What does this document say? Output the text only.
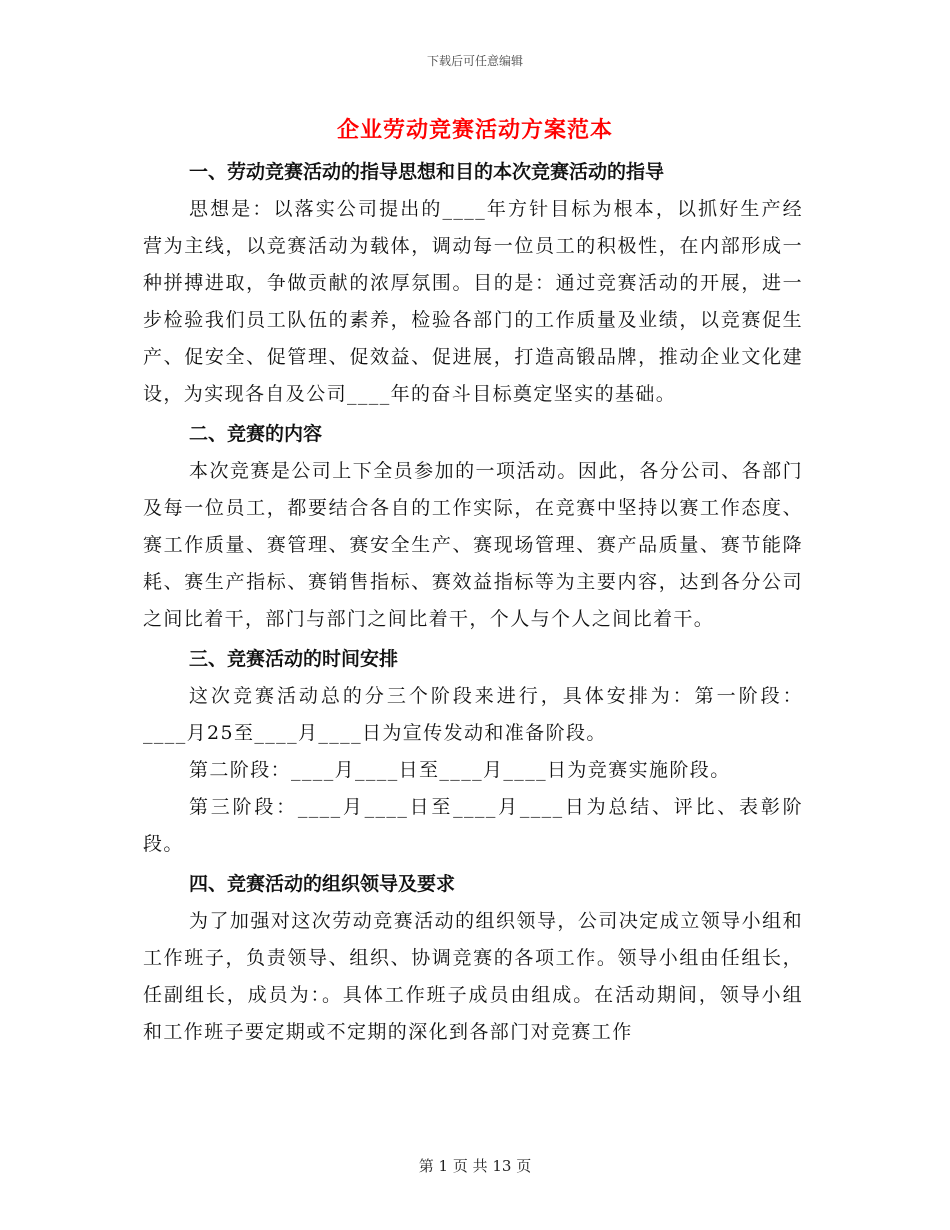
下载后可任意编辑
企业劳动竞赛活动方案范本
一、劳动竞赛活动的指导思想和目的本次竞赛活动的指导

思想是：以落实公司提出的____年方针目标为根本，以抓好生产经营为主线，以竞赛活动为载体，调动每一位员工的积极性，在内部形成一种拼搏进取，争做贡献的浓厚氛围。目的是：通过竞赛活动的开展，进一步检验我们员工队伍的素养，检验各部门的工作质量及业绩，以竞赛促生产、促安全、促管理、促效益、促进展，打造高锻品牌，推动企业文化建设，为实现各自及公司____年的奋斗目标奠定坚实的基础。

二、竞赛的内容

本次竞赛是公司上下全员参加的一项活动。因此，各分公司、各部门及每一位员工，都要结合各自的工作实际，在竞赛中坚持以赛工作态度、赛工作质量、赛管理、赛安全生产、赛现场管理、赛产品质量、赛节能降耗、赛生产指标、赛销售指标、赛效益指标等为主要内容，达到各分公司之间比着干，部门与部门之间比着干，个人与个人之间比着干。

三、竞赛活动的时间安排

这次竞赛活动总的分三个阶段来进行，具体安排为：第一阶段：____月25至____月____日为宣传发动和准备阶段。

第二阶段：____月____日至____月____日为竞赛实施阶段。

第三阶段：____月____日至____月____日为总结、评比、表彰阶段。

四、竞赛活动的组织领导及要求

为了加强对这次劳动竞赛活动的组织领导，公司决定成立领导小组和工作班子，负责领导、组织、协调竞赛的各项工作。领导小组由任组长，任副组长，成员为：。具体工作班子成员由组成。在活动期间，领导小组和工作班子要定期或不定期的深化到各部门对竞赛工作

第 1 页 共 13 页
